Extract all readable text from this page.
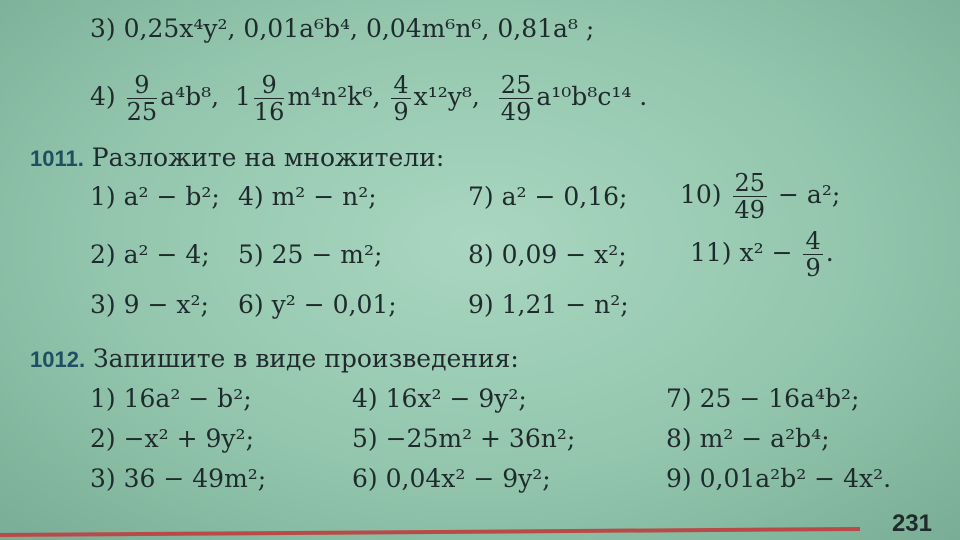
3) 0,25x⁴y², 0,01a⁶b⁴, 0,04m⁶n⁶, 0,81a⁸ ;
$4) \frac{9}{25} a^4b^8$, $1 \frac{9}{16} m^4n^2k^6$, $\frac{4}{9} x^{12}y^8$, $\frac{25}{49} a^{10}b^8c^{14}$ .
1011. Разложите на множители:
1) a² − b²; 4) m² − n²;	7) a² − 0,16; $10) \frac{25}{49} - a^2$;
2) a² − 4; 5) 25 − m²;	8) 0,09 − x²;	11) $x^2 - \frac{4}{9}$ .
3) 9 − x²; 6) y² − 0,01;	9) 1,21 − n²;
1012. Запишите в виде произведения:
1) 16a² − b²;	4) 16x² − 9y²;	7) 25 − 16a⁴b²;
2) −x² + 9y²;	5) −25m² + 36n²;	8) m² − a²b⁴;
3) 36 − 49m²;	6) 0,04x² − 9y²;	9) 0,01a²b² − 4x².
231
